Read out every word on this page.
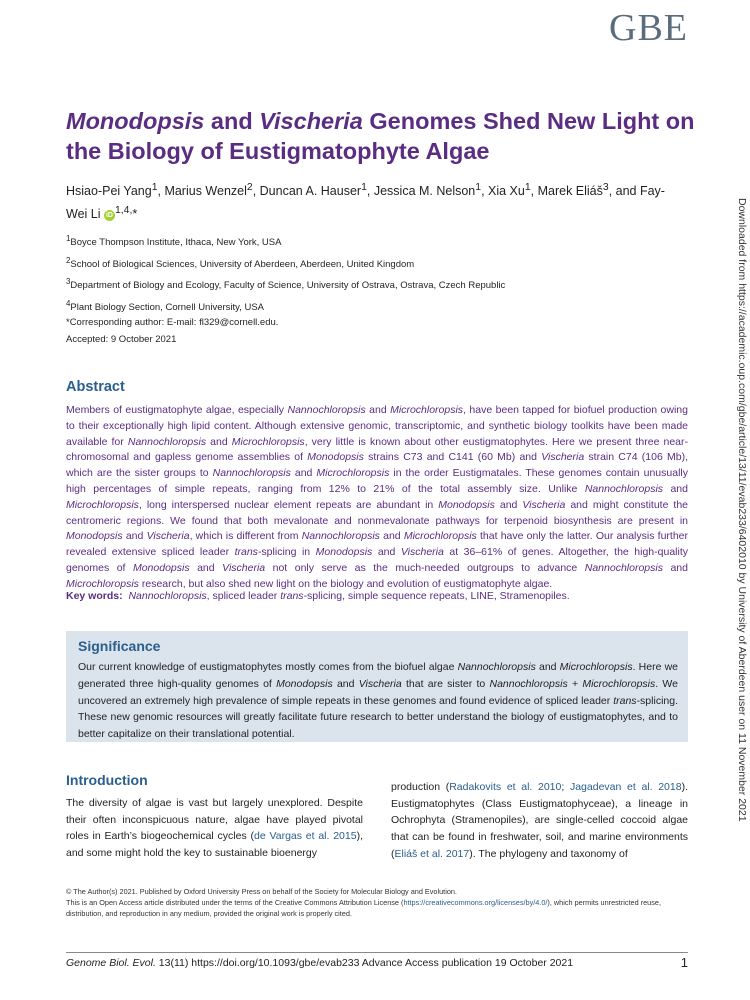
GBE
Monodopsis and Vischeria Genomes Shed New Light on the Biology of Eustigmatophyte Algae

Hsiao-Pei Yang$^1$, Marius Wenzel$^2$, Duncan A. Hauser$^1$, Jessica M. Nelson$^1$, Xia Xu$^1$, Marek Eliáš$^3$, and Fay-Wei Li iD $^{1,4,}$*

$^1$Boyce Thompson Institute, Ithaca, New York, USA
$^2$School of Biological Sciences, University of Aberdeen, Aberdeen, United Kingdom
$^3$Department of Biology and Ecology, Faculty of Science, University of Ostrava, Ostrava, Czech Republic
$^4$Plant Biology Section, Cornell University, USA
*Corresponding author: E-mail: fl329@cornell.edu.
Accepted: 9 October 2021
Abstract

Members of eustigmatophyte algae, especially Nannochloropsis and Microchloropsis, have been tapped for biofuel production owing to their exceptionally high lipid content. Although extensive genomic, transcriptomic, and synthetic biology toolkits have been made available for Nannochloropsis and Microchloropsis, very little is known about other eustigmatophytes. Here we present three near-chromosomal and gapless genome assemblies of Monodopsis strains C73 and C141 (60 Mb) and Vischeria strain C74 (106 Mb), which are the sister groups to Nannochloropsis and Microchloropsis in the order Eustigmatales. These genomes contain unusually high percentages of simple repeats, ranging from 12% to 21% of the total assembly size. Unlike Nannochloropsis and Microchloropsis, long interspersed nuclear element repeats are abundant in Monodopsis and Vischeria and might constitute the centromeric regions. We found that both mevalonate and nonmevalonate pathways for terpenoid biosynthesis are present in Monodopsis and Vischeria, which is different from Nannochloropsis and Microchloropsis that have only the latter. Our analysis further revealed extensive spliced leader trans-splicing in Monodopsis and Vischeria at 36–61% of genes. Altogether, the high-quality genomes of Monodopsis and Vischeria not only serve as the much-needed outgroups to advance Nannochloropsis and Microchloropsis research, but also shed new light on the biology and evolution of eustigmatophyte algae.

Key words: Nannochloropsis, spliced leader trans-splicing, simple sequence repeats, LINE, Stramenopiles.
Significance

Our current knowledge of eustigmatophytes mostly comes from the biofuel algae Nannochloropsis and Microchloropsis. Here we generated three high-quality genomes of Monodopsis and Vischeria that are sister to Nannochloropsis + Microchloropsis. We uncovered an extremely high prevalence of simple repeats in these genomes and found evidence of spliced leader trans-splicing. These new genomic resources will greatly facilitate future research to better understand the biology of eustigmatophytes, and to better capitalize on their translational potential.

Introduction

The diversity of algae is vast but largely unexplored. Despite their often inconspicuous nature, algae have played pivotal roles in Earth’s biogeochemical cycles (de Vargas et al. 2015), and some might hold the key to sustainable bioenergy

production (Radakovits et al. 2010; Jagadevan et al. 2018). Eustigmatophytes (Class Eustigmatophyceae), a lineage in Ochrophyta (Stramenopiles), are single-celled coccoid algae that can be found in freshwater, soil, and marine environments (Eliáš et al. 2017). The phylogeny and taxonomy of

© The Author(s) 2021. Published by Oxford University Press on behalf of the Society for Molecular Biology and Evolution.
This is an Open Access article distributed under the terms of the Creative Commons Attribution License (https://creativecommons.org/licenses/by/4.0/), which permits unrestricted reuse, distribution, and reproduction in any medium, provided the original work is properly cited.
Genome Biol. Evol. 13(11) https://doi.org/10.1093/gbe/evab233 Advance Access publication 19 October 2021	1
Downloaded from https://academic.oup.com/gbe/article/13/11/evab233/6402010 by University of Aberdeen user on 11 November 2021
